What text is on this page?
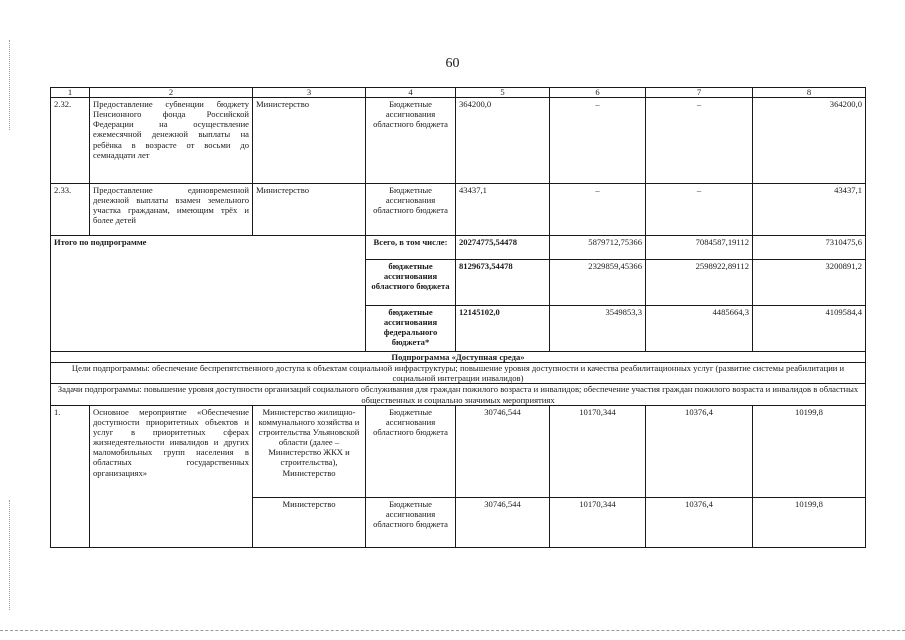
60
1	2	3	4	5	6	7	8
2.32.	Предоставление субвенции бюджету Пенсионного фонда Российской Федерации на осуществление ежемесячной денежной выплаты на ребёнка в возрасте от восьми до семнадцати лет	Министерство	Бюджетные ассигнования областного бюджета	364200,0	–	–	364200,0
2.33.	Предоставление единовременной денежной выплаты взамен земельного участка гражданам, имеющим трёх и более детей	Министерство	Бюджетные ассигнования областного бюджета	43437,1	–	–	43437,1
Итого по подпрограмме			Всего, в том числе:	20274775,54478	5879712,75366	7084587,19112	7310475,6
			бюджетные ассигнования областного бюджета	8129673,54478	2329859,45366	2598922,89112	3200891,2
			бюджетные ассигнования федерального бюджета*	12145102,0	3549853,3	4485664,3	4109584,4
Подпрограмма «Доступная среда»							
Цели подпрограммы: обеспечение беспрепятственного доступа к объектам социальной инфраструктуры; повышение уровня доступности и качества реабилитационных услуг (развитие системы реабилитации и социальной интеграции инвалидов)							
Задачи подпрограммы: повышение уровня доступности организаций социального обслуживания для граждан пожилого возраста и инвалидов; обеспечение участия граждан пожилого возраста и инвалидов в областных общественных и социально значимых мероприятиях							
1.	Основное мероприятие «Обеспечение доступности приоритетных объектов и услуг в приоритетных сферах жизнедеятельности инвалидов и других маломобильных групп населения в областных государственных организациях»	Министерство жилищно-коммунального хозяйства и строительства Ульяновской области (далее – Министерство ЖКХ и строительства), Министерство	Бюджетные ассигнования областного бюджета	30746,544	10170,344	10376,4	10199,8
		Министерство	Бюджетные ассигнования областного бюджета	30746,544	10170,344	10376,4	10199,8
